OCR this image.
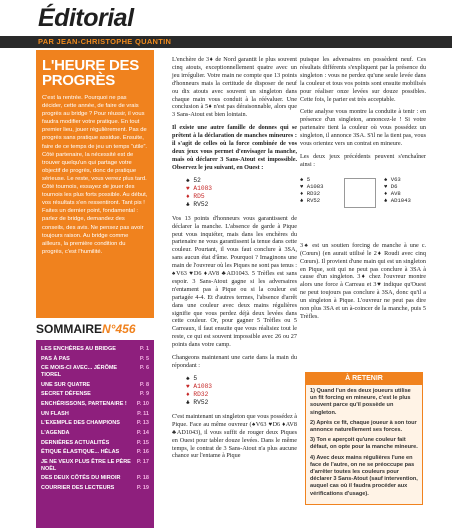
Éditorial
PAR JEAN-CHRISTOPHE QUANTIN
L'HEURE DES PROGRÈS

C'est la rentrée. Pourquoi ne pas décider, cette année, de faire de vrais progrès au bridge ? Pour réussir, il vous faudra modifier votre pratique. En tout premier lieu, jouer régulièrement. Pas de progrès sans pratique assidue. Ensuite, faire de ce temps de jeu un temps “utile”. Côté partenaire, la nécessité est de trouver quelqu'un qui partage votre objectif de progrès, donc de pratique sérieuse. Le reste, vous verrez plus tard. Côté tournois, essayez de jouer des tournois les plus forts possible. Au début, vos résultats s'en ressentiront. Tant pis ! Faites un dernier point, fondamental : parlez de bridge, demandez des conseils, des avis. Ne pensez pas avoir toujours raison. Au bridge comme ailleurs, la première condition du progrès, c'est l'humilité.

SOMMAIREN°456
LES ENCHÈRES AU BRIDGE	P. 1
PAS À PAS	P. 5
CE MOIS-CI AVEC... JÉRÔME TIOREL
P. 6
UNE SUR QUATRE	P. 8
SECRET DÉFENSE	P. 9
ENCHÉRISSONS, PARTENAIRE ! P. 10
UN FLASH	P. 11
L'EXEMPLE DES CHAMPIONS	P. 13
L'AGENDA	P. 14
DERNIÈRES ACTUALITÉS	P. 15
ÉTIQUE ÉLASTIQUE... HÉLAS	P. 16
JE NE VEUX PLUS ÊTRE LE PÈRE NOËL
P. 17
DES DEUX CÔTÉS DU MIROIR	P. 18
COURRIER DES LECTEURS	P. 19

L'enchère de 3♦ de Nord garantit le plus souvent cinq atouts, exceptionnellement quatre avec un jeu irrégulier. Votre main ne compte que 13 points d'honneurs mais la certitude de disposer de neuf ou dix atouts avec souvent un singleton dans chaque main vous conduit à la réévaluer. Une conclusion à 5♦ n'est pas déraisonnable, alors que 3 Sans-Atout est bien lointain.

Il existe une autre famille de donnes qui se prêtent à la déclaration de manches mineures : il s'agit de celles où la force combinée de vos deux jeux vous permet d'envisager la manche, mais où déclarer 3 Sans-Atout est impossible. Observez le jeu suivant, en Ouest :

♠ 52
♥ A1083
♦ RD5
♣ RV52

Vos 13 points d'honneurs vous garantissent de déclarer la manche. L'absence de garde à Pique peut vous inquiéter, mais dans les enchères du partenaire ne vous garantissent la tenue dans cette couleur. Pourtant, il vous faut conclure à 3SA, sans aucun état d'âme. Pourquoi ? Imaginons une main de l'ouvreur où les Piques ne sont pas tenus : ♠V63 ♥D6 ♦AV8 ♣AD1043. 5 Trèfles est sans espoir. 3 Sans-Atout gagne si les adversaires n'entament pas à Pique ou si la couleur est partagée 4-4. Et d'autres termes, l'absence d'arrêt dans une couleur avec deux mains régulières signifie que vous perdez déjà deux levées dans cette couleur. Or, pour gagner 5 Trèfles ou 5 Carreaux, il faut ensuite que vous réalisiez tout le reste, ce qui est souvent impossible avec 26 ou 27 points dans votre camp.

Changeons maintenant une carte dans la main du répondant :

♠ 5
♥ A1083
♦ RD32
♣ RV52

C'est maintenant un singleton que vous possédez à Pique. Face au même ouvreur (♠V63 ♥D6 ♦AV8 ♣AD1043), il vous suffit de rouger deux Piques en Ouest pour tabler douze levées. Dans le même temps, le contrat de 3 Sans-Atout n'a plus aucune chance sur l'entame à Pique

puisque les adversaires en possèdent neuf. Ces résultats différents s'expliquent par la présence du singleton : vous ne perdez qu'une seule levée dans la couleur et tous vos points sont ensuite mobilisés pour réaliser onze levées sur douze possibles. Cette fois, le parier est très acceptable.

Cette analyse vous montre la conduite à tenir : en présence d'un singleton, annoncez-le ! Si votre partenaire tient la couleur où vous possédez un singleton, il annonce 3SA. S'il ne la tient pas, vous vous orientez vers un contrat en mineure.

Les deux jeux précédents peuvent s'enchaîner ainsi :

♠ 5
♥ A1083
♦ RD32
♣ RV52
♠ V63
♥ D6
♦ AV8
♣ AD1043

3♠ est un soutien forcing de manche à une c. (Cœurs) (en aurait utilisé le 2♦ Roudi avec cinq Cœurs). Il provient d'une main qui est un singleton en Pique, soit qui ne peut pas conclure à 3SA à cause d'un singleton. 3♦ chez l'ouvreur montre alors une force à Carreau et 3♥ indique qu'Ouest ne peut toujours pas conclure à 3SA, donc qu'il a un singleton à Pique. L'ouvreur ne peut pas dire non plus 3SA et un à-coincer de la manche, puis 5 Trèfles.

À RETENIR

1) Quand l'un des deux joueurs utilise un fit forcing en mineure, c'est le plus souvent parce qu'il possède un singleton.

2) Après ce fit, chaque joueur à son tour annonce naturellement ses forces.

3) Ton e aperçoit qu'une couleur fait défaut, on opte pour la manche mineure.

4) Avec deux mains régulières l'une en face de l'autre, on ne se préoccupe pas d'arrêter toutes les couleurs pour déclarer 3 Sans-Atout (sauf intervention, auquel cas où il faudra procéder aux vérifications d'usage).
